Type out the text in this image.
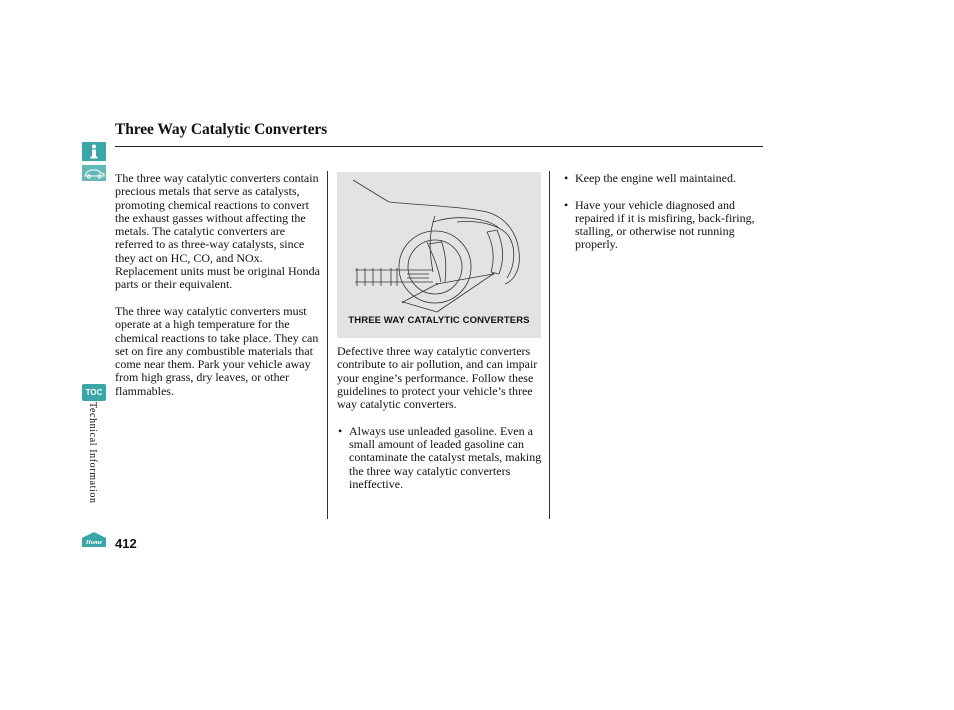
TOC
Technical Information
Home
Three Way Catalytic Converters

The three way catalytic converters contain precious metals that serve as catalysts, promoting chemical reactions to convert the exhaust gasses without affecting the metals. The catalytic converters are referred to as three-way catalysts, since they act on HC, CO, and NOx. Replacement units must be original Honda parts or their equivalent.

The three way catalytic converters must operate at a high temperature for the chemical reactions to take place. They can set on fire any combustible materials that come near them. Park your vehicle away from high grass, dry leaves, or other flammables.

THREE WAY CATALYTIC CONVERTERS

Defective three way catalytic converters contribute to air pollution, and can impair your engine’s performance. Follow these guidelines to protect your vehicle’s three way catalytic converters.

• Always use unleaded gasoline. Even a small amount of leaded gasoline can contaminate the catalyst metals, making the three way catalytic converters ineffective.
• Keep the engine well maintained.
• Have your vehicle diagnosed and repaired if it is misfiring, back-firing, stalling, or otherwise not running properly.
412
